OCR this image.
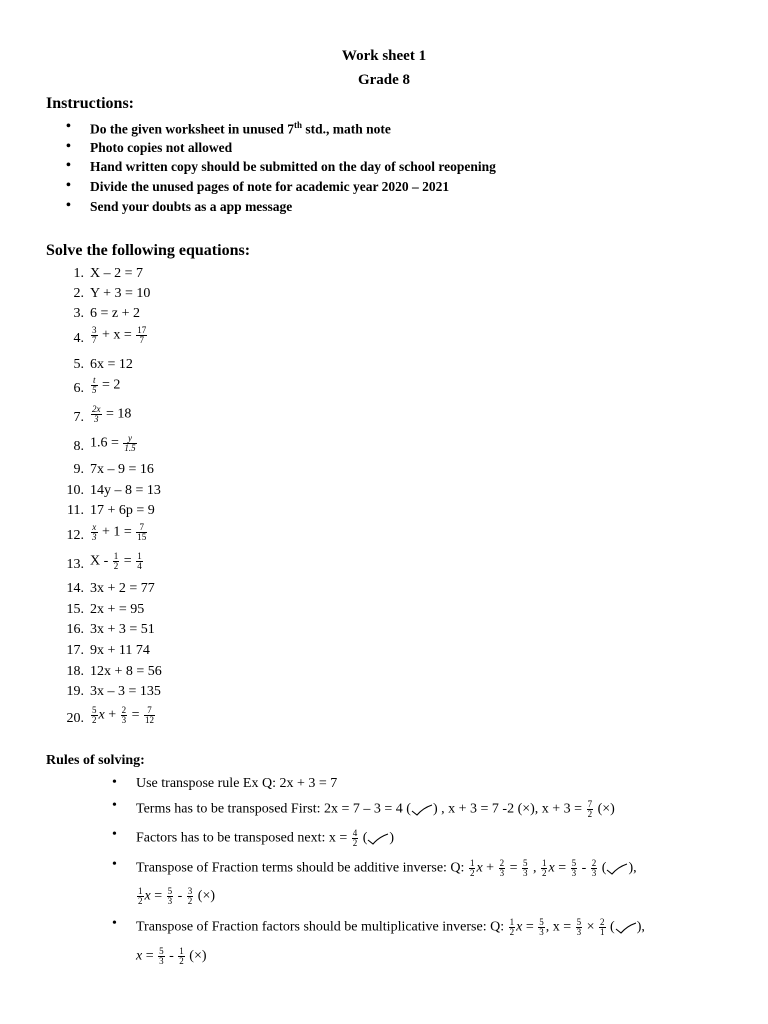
Work sheet 1
Grade 8
Instructions:
• Do the given worksheet in unused 7th std., math note
• Photo copies not allowed
• Hand written copy should be submitted on the day of school reopening
• Divide the unused pages of note for academic year 2020 – 2021
• Send your doubts as a app message
Solve the following equations:
1. X – 2 = 7
2. Y + 3 = 10
3. 6 = z + 2
4. $\frac{3}{7} + x = \frac{17}{7}$
5. 6x = 12
6. $\frac{t}{5} = 2$
7. $\frac{2x}{3} = 18$
8. $1.6 = \frac{y}{1.5}$
9. 7x – 9 = 16
10. 14y – 8 = 13
11. 17 + 6p = 9
12. $\frac{x}{3} + 1 = \frac{7}{15}$
13. $X - \frac{1}{2} = \frac{1}{4}$
14. 3x + 2 = 77
15. 2x + = 95
16. 3x + 3 = 51
17. 9x + 11 74
18. 12x + 8 = 56
19. 3x – 3 = 135
20. $\frac{5}{2}$ $x + \frac{2}{3} = \frac{7}{12}$
Rules of solving:
• Use transpose rule Ex Q: 2x + 3 = 7
• Terms has to be transposed First: 2x = 7 – 3 = 4 ( ) , x + 3 = 7 -2 (×), $x + 3 = \frac{7}{2}$ (×)
• Factors has to be transposed next: $x = \frac{4}{2}$ ( )
• Transpose of Fraction terms should be additive inverse: Q: $\frac{1}{2}$ $x + \frac{2}{3} = \frac{5}{3}$ , $\frac{1}{2}$ $x = \frac{5}{3} - \frac{2}{3}$ ( ),
$\frac{1}{2}$ $x = \frac{5}{3} - \frac{3}{2}$ (×)
• Transpose of Fraction factors should be multiplicative inverse: Q: $\frac{1}{2}$ $x = \frac{5}{3}$ , $x = \frac{5}{3} \times \frac{2}{1}$ ( ),
$x = \frac{5}{3} - \frac{1}{2}$ (×)
